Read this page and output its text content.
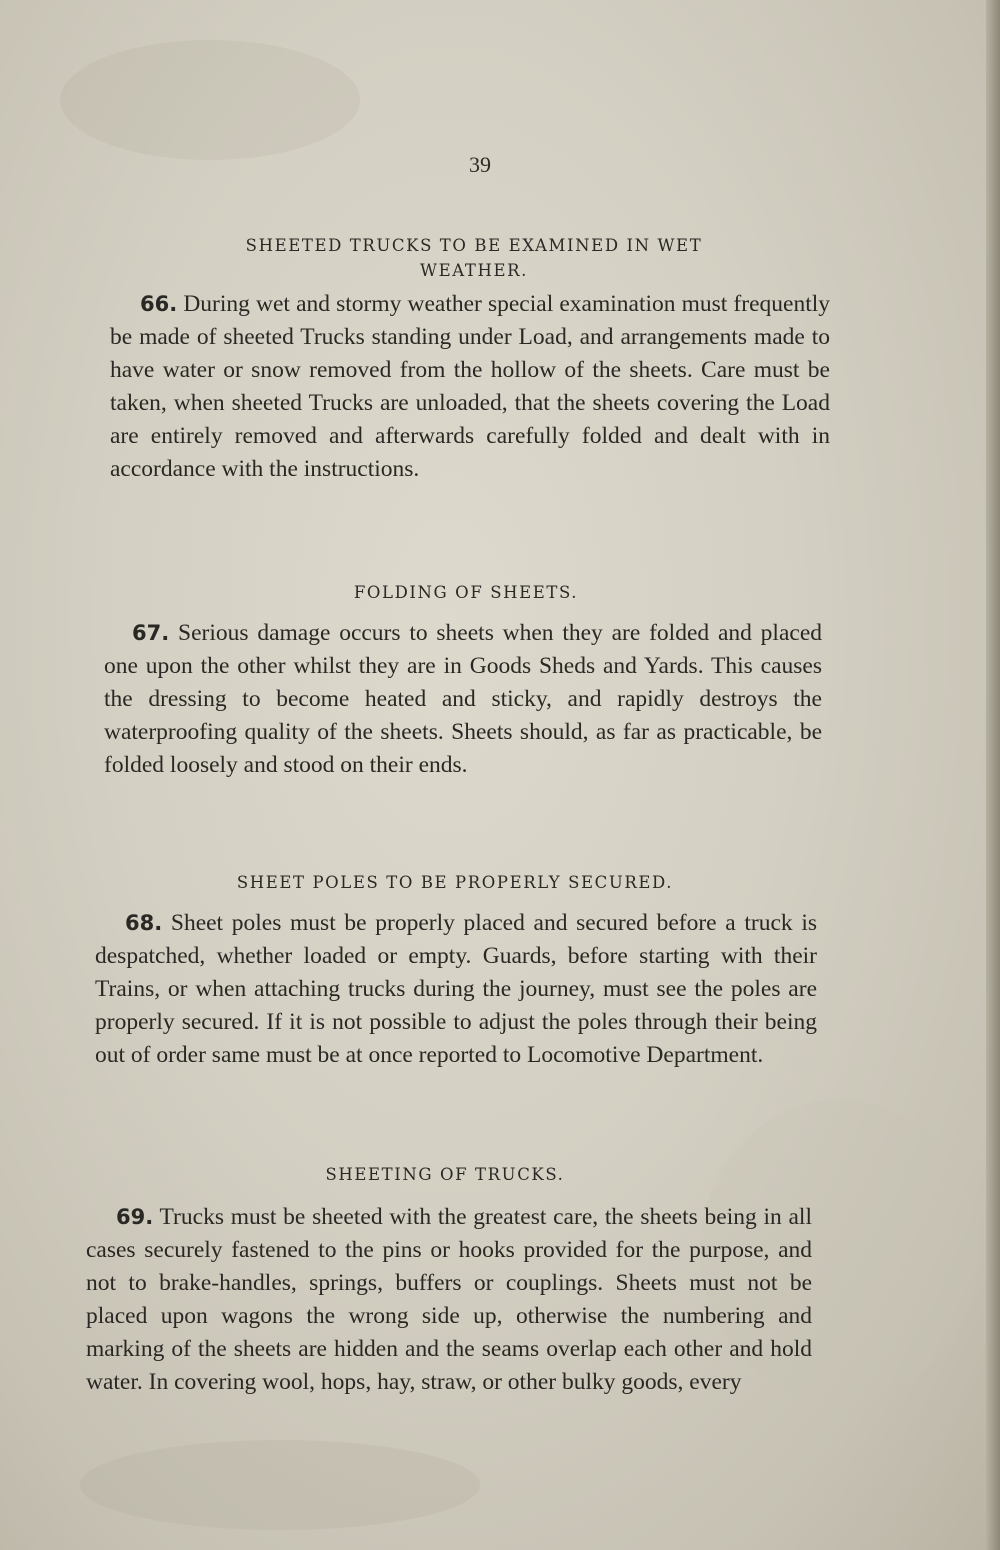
39

SHEETED TRUCKS TO BE EXAMINED IN WET
WEATHER.

66. During wet and stormy weather special examination must frequently be made of sheeted Trucks standing under Load, and arrangements made to have water or snow removed from the hollow of the sheets. Care must be taken, when sheeted Trucks are unloaded, that the sheets covering the Load are entirely removed and afterwards carefully folded and dealt with in accordance with the instructions.

FOLDING OF SHEETS.

67. Serious damage occurs to sheets when they are folded and placed one upon the other whilst they are in Goods Sheds and Yards. This causes the dressing to become heated and sticky, and rapidly destroys the waterproofing quality of the sheets. Sheets should, as far as practicable, be folded loosely and stood on their ends.

SHEET POLES TO BE PROPERLY SECURED.

68. Sheet poles must be properly placed and secured before a truck is despatched, whether loaded or empty. Guards, before starting with their Trains, or when attaching trucks during the journey, must see the poles are properly secured. If it is not possible to adjust the poles through their being out of order same must be at once reported to Locomotive Department.

SHEETING OF TRUCKS.

69. Trucks must be sheeted with the greatest care, the sheets being in all cases securely fastened to the pins or hooks provided for the purpose, and not to brake-handles, springs, buffers or couplings. Sheets must not be placed upon wagons the wrong side up, otherwise the numbering and marking of the sheets are hidden and the seams overlap each other and hold water. In covering wool, hops, hay, straw, or other bulky goods, every
